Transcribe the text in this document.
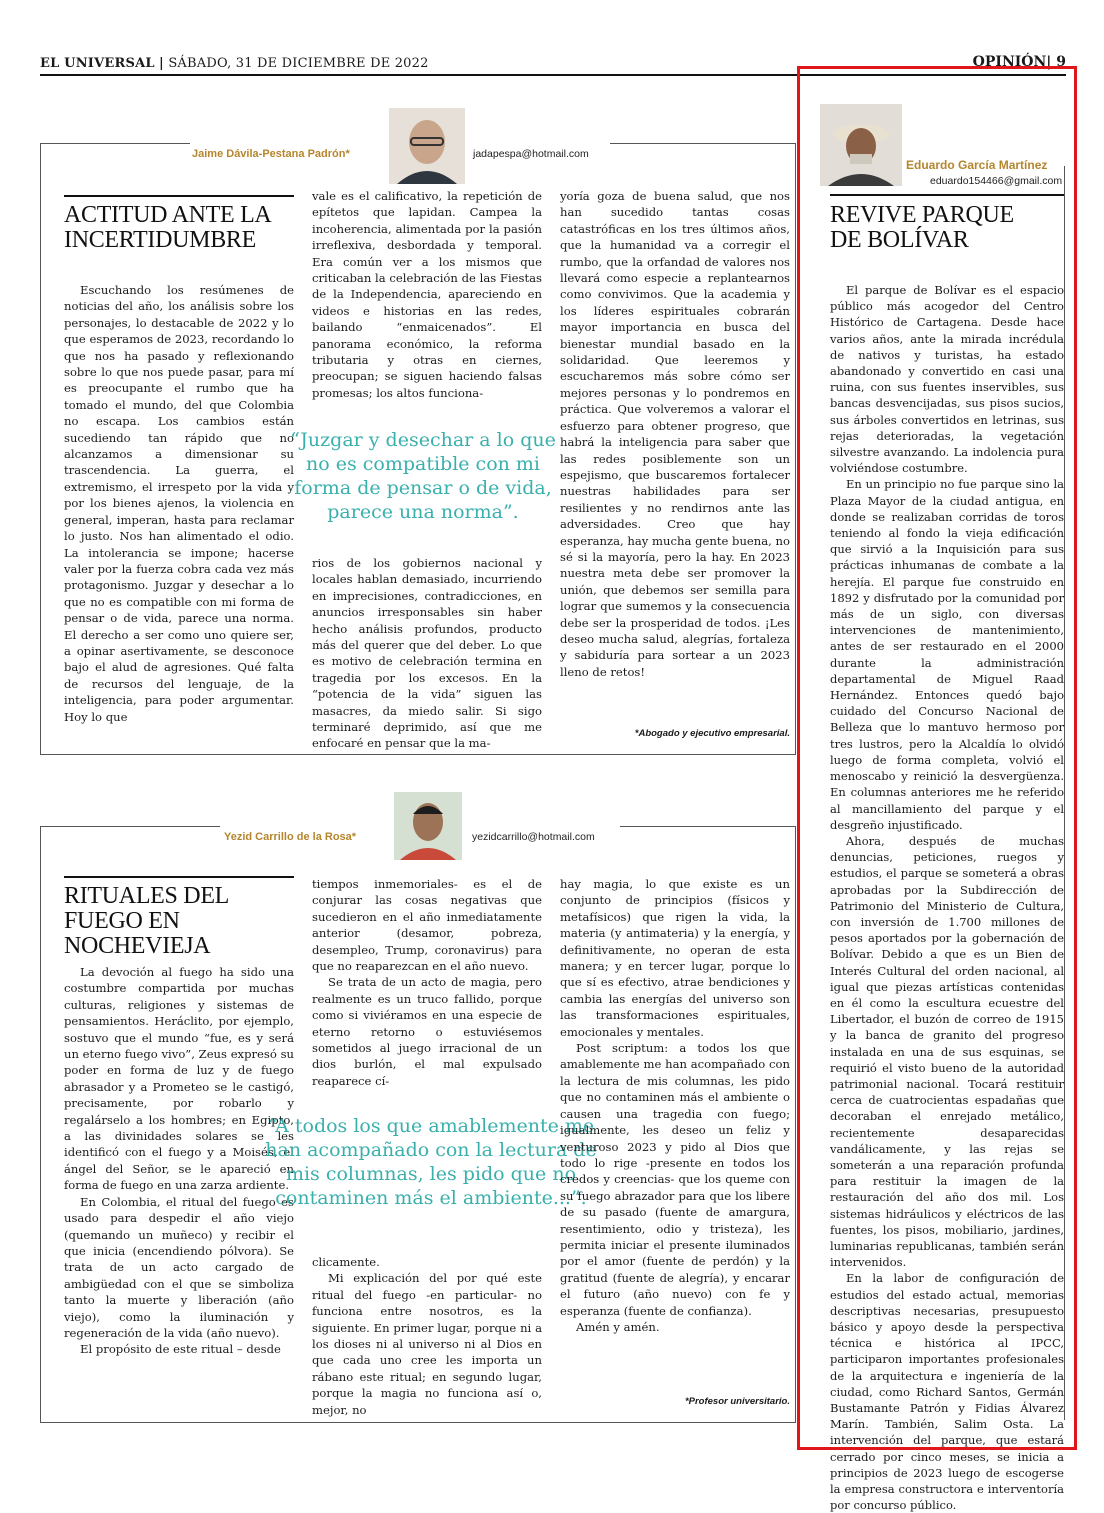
EL UNIVERSAL | SÁBADO, 31 DE DICIEMBRE DE 2022	OPINIÓN| 9
Jaime Dávila-Pestana Padrón*	jadapespa@hotmail.com
ACTITUD ANTE LA INCERTIDUMBRE

Escuchando los resúmenes de noticias del año, los análisis sobre los personajes, lo destacable de 2022 y lo que esperamos de 2023, recordando lo que nos ha pasado y reflexionando sobre lo que nos puede pasar, para mí es preocupante el rumbo que ha tomado el mundo, del que Colombia no escapa. Los cambios están sucediendo tan rápido que no alcanzamos a dimensionar su trascendencia. La guerra, el extremismo, el irrespeto por la vida y por los bienes ajenos, la violencia en general, imperan, hasta para reclamar lo justo. Nos han alimentado el odio. La intolerancia se impone; hacerse valer por la fuerza cobra cada vez más protagonismo. Juzgar y desechar a lo que no es compatible con mi forma de pensar o de vida, parece una norma. El derecho a ser como uno quiere ser, a opinar asertivamente, se desconoce bajo el alud de agresiones. Qué falta de recursos del lenguaje, de la inteligencia, para poder argumentar. Hoy lo que

vale es el calificativo, la repetición de epítetos que lapidan. Campea la incoherencia, alimentada por la pasión irreflexiva, desbordada y temporal. Era común ver a los mismos que criticaban la celebración de las Fiestas de la Independencia, apareciendo en videos e historias en las redes, bailando “enmaicenados”. El panorama económico, la reforma tributaria y otras en ciernes, preocupan; se siguen haciendo falsas promesas; los altos funciona-

“Juzgar y desechar a lo que no es compatible con mi forma de pensar o de vida, parece una norma”.

rios de los gobiernos nacional y locales hablan demasiado, incurriendo en imprecisiones, contradicciones, en anuncios irresponsables sin haber hecho análisis profundos, producto más del querer que del deber. Lo que es motivo de celebración termina en tragedia por los excesos. En la “potencia de la vida” siguen las masacres, da miedo salir. Si sigo terminaré deprimido, así que me enfocaré en pensar que la ma-

yoría goza de buena salud, que nos han sucedido tantas cosas catastróficas en los tres últimos años, que la humanidad va a corregir el rumbo, que la orfandad de valores nos llevará como especie a replantearnos como convivimos. Que la academia y los líderes espirituales cobrarán mayor importancia en busca del bienestar mundial basado en la solidaridad. Que leeremos y escucharemos más sobre cómo ser mejores personas y lo pondremos en práctica. Que volveremos a valorar el esfuerzo para obtener progreso, que habrá la inteligencia para saber que las redes posiblemente son un espejismo, que buscaremos fortalecer nuestras habilidades para ser resilientes y no rendirnos ante las adversidades. Creo que hay esperanza, hay mucha gente buena, no sé si la mayoría, pero la hay. En 2023 nuestra meta debe ser promover la unión, que debemos ser semilla para lograr que sumemos y la consecuencia debe ser la prosperidad de todos. ¡Les deseo mucha salud, alegrías, fortaleza y sabiduría para sortear a un 2023 lleno de retos!

*Abogado y ejecutivo empresarial.
Yezid Carrillo de la Rosa*	yezidcarrillo@hotmail.com
RITUALES DEL FUEGO EN NOCHEVIEJA

La devoción al fuego ha sido una costumbre compartida por muchas culturas, religiones y sistemas de pensamientos. Heráclito, por ejemplo, sostuvo que el mundo “fue, es y será un eterno fuego vivo”, Zeus expresó su poder en forma de luz y de fuego abrasador y a Prometeo se le castigó, precisamente, por robarlo y regalárselo a los hombres; en Egipto, a las divinidades solares se les identificó con el fuego y a Moisés, el ángel del Señor, se le apareció en forma de fuego en una zarza ardiente.

En Colombia, el ritual del fuego es usado para despedir el año viejo (quemando un muñeco) y recibir el que inicia (encendiendo pólvora). Se trata de un acto cargado de ambigüedad con el que se simboliza tanto la muerte y liberación (año viejo), como la iluminación y regeneración de la vida (año nuevo).

El propósito de este ritual – desde

tiempos inmemoriales- es el de conjurar las cosas negativas que sucedieron en el año inmediatamente anterior (desamor, pobreza, desempleo, Trump, coronavirus) para que no reaparezcan en el año nuevo.

Se trata de un acto de magia, pero realmente es un truco fallido, porque como si viviéramos en una especie de eterno retorno o estuviésemos sometidos al juego irracional de un dios burlón, el mal expulsado reaparece cí-

“A todos los que amablemente me han acompañado con la lectura de mis columnas, les pido que no contaminen más el ambiente...”.

clicamente.

Mi explicación del por qué este ritual del fuego -en particular- no funciona entre nosotros, es la siguiente. En primer lugar, porque ni a los dioses ni al universo ni al Dios en que cada uno cree les importa un rábano este ritual; en segundo lugar, porque la magia no funciona así o, mejor, no

hay magia, lo que existe es un conjunto de principios (físicos y metafísicos) que rigen la vida, la materia (y antimateria) y la energía, y definitivamente, no operan de esta manera; y en tercer lugar, porque lo que sí es efectivo, atrae bendiciones y cambia las energías del universo son las transformaciones espirituales, emocionales y mentales.

Post scriptum: a todos los que amablemente me han acompañado con la lectura de mis columnas, les pido que no contaminen más el ambiente o causen una tragedia con fuego; igualmente, les deseo un feliz y venturoso 2023 y pido al Dios que todo lo rige -presente en todos los credos y creencias- que los queme con su fuego abrazador para que los libere de su pasado (fuente de amargura, resentimiento, odio y tristeza), les permita iniciar el presente iluminados por el amor (fuente de perdón) y la gratitud (fuente de alegría), y encarar el futuro (año nuevo) con fe y esperanza (fuente de confianza).

Amén y amén.

*Profesor universitario.
Eduardo García Martínez
eduardo154466@gmail.com
REVIVE PARQUE DE BOLÍVAR

El parque de Bolívar es el espacio público más acogedor del Centro Histórico de Cartagena. Desde hace varios años, ante la mirada incrédula de nativos y turistas, ha estado abandonado y convertido en casi una ruina, con sus fuentes inservibles, sus bancas desvencijadas, sus pisos sucios, sus árboles convertidos en letrinas, sus rejas deterioradas, la vegetación silvestre avanzando. La indolencia pura volviéndose costumbre.

En un principio no fue parque sino la Plaza Mayor de la ciudad antigua, en donde se realizaban corridas de toros teniendo al fondo la vieja edificación que sirvió a la Inquisición para sus prácticas inhumanas de combate a la herejía. El parque fue construido en 1892 y disfrutado por la comunidad por más de un siglo, con diversas intervenciones de mantenimiento, antes de ser restaurado en el 2000 durante la administración departamental de Miguel Raad Hernández. Entonces quedó bajo cuidado del Concurso Nacional de Belleza que lo mantuvo hermoso por tres lustros, pero la Alcaldía lo olvidó luego de forma completa, volvió el menoscabo y reinició la desvergüenza. En columnas anteriores me he referido al mancillamiento del parque y el desgreño injustificado.

Ahora, después de muchas denuncias, peticiones, ruegos y estudios, el parque se someterá a obras aprobadas por la Subdirección de Patrimonio del Ministerio de Cultura, con inversión de 1.700 millones de pesos aportados por la gobernación de Bolívar. Debido a que es un Bien de Interés Cultural del orden nacional, al igual que piezas artísticas contenidas en él como la escultura ecuestre del Libertador, el buzón de correo de 1915 y la banca de granito del progreso instalada en una de sus esquinas, se requirió el visto bueno de la autoridad patrimonial nacional. Tocará restituir cerca de cuatrocientas espadañas que decoraban el enrejado metálico, recientemente desaparecidas vandálicamente, y las rejas se someterán a una reparación profunda para restituir la imagen de la restauración del año dos mil. Los sistemas hidráulicos y eléctricos de las fuentes, los pisos, mobiliario, jardines, luminarias republicanas, también serán intervenidos.

En la labor de configuración de estudios del estado actual, memorias descriptivas necesarias, presupuesto básico y apoyo desde la perspectiva técnica e histórica al IPCC, participaron importantes profesionales de la arquitectura e ingeniería de la ciudad, como Richard Santos, Germán Bustamante Patrón y Fidias Álvarez Marín. También, Salim Osta. La intervención del parque, que estará cerrado por cinco meses, se inicia a principios de 2023 luego de escogerse la empresa constructora e interventoría por concurso público.
